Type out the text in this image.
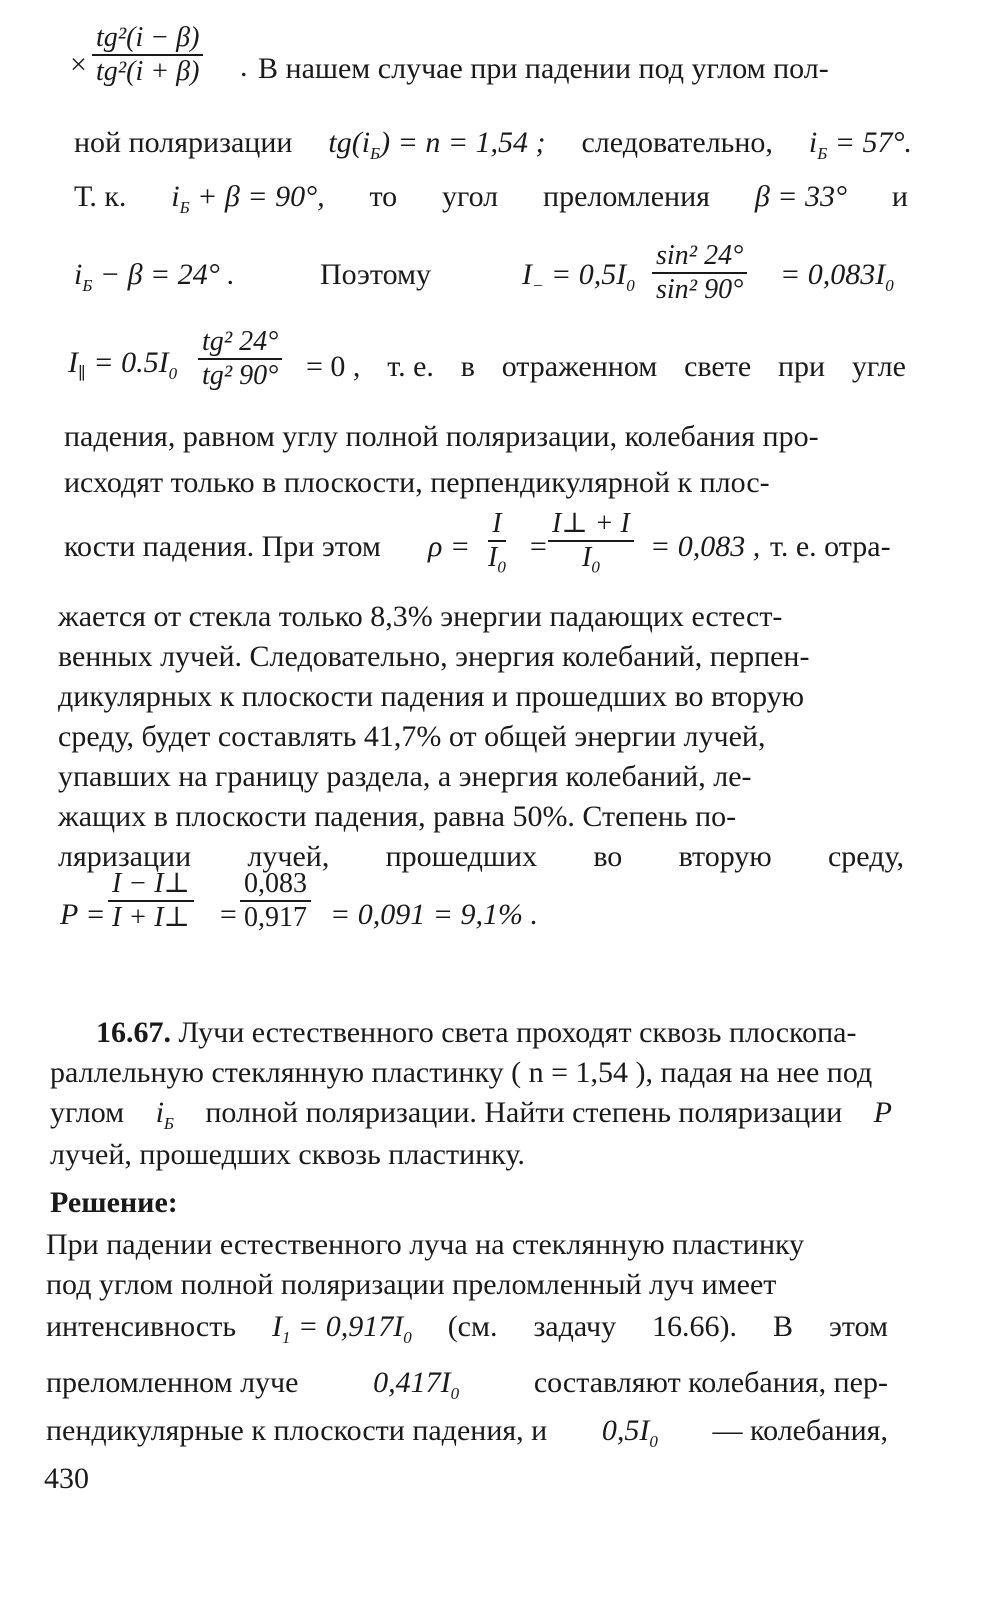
× $\frac{\text{tg²(i − β)}}{\text{tg²(i + β)}}$ . В нашем случае при падении под углом пол-
ной поляризации $tg(i_Б) = n = 1,54$ ; следовательно, $i_Б = 57^\circ$.
Т. к. $i_Б + \beta = 90^\circ$, то угол преломления β = 33° и
$i_Б - \beta = 24^\circ$ .	Поэтому	$I_- = 0,5I_0 \frac{\text{sin² 24°}}{\text{sin² 90°}} = 0,083I_0$
$I_\parallel = 0.5I_0 \frac{\text{tg² 24°}}{\text{tg² 90°}} = 0$ , т. е. в отраженном свете при угле
падения, равном углу полной поляризации, колебания про-
исходят только в плоскости, перпендикулярной к плос-
кости падения. При этом $\rho = \frac{I}{I_0} = \frac{I\perp + I}{I_0} = 0,083$ , т. е. отра-
жается от стекла только 8,3% энергии падающих естест-
венных лучей. Следовательно, энергия колебаний, перпен-
дикулярных к плоскости падения и прошедших во вторую
среду, будет составлять 41,7% от общей энергии лучей,
упавших на границу раздела, а энергия колебаний, ле-
жащих в плоскости падения, равна 50%. Степень по-
ляризации лучей, прошедших во вторую среду,
$P = \frac{I - I\perp}{I + I\perp} = \frac{0,083}{0,917} = 0,091 = 9,1\%$ .
16.67. Лучи естественного света проходят сквозь плоскопа-
раллельную стеклянную пластинку ( n = 1,54 ), падая на нее под
углом $i_Б$ полной поляризации. Найти степень поляризации P
лучей, прошедших сквозь пластинку.
Решение:
При падении естественного луча на стеклянную пластинку
под углом полной поляризации преломленный луч имеет
интенсивность $I_1 = 0,917I_0$ (см. задачу 16.66). В этом
преломленном луче $0,417I_0$ составляют колебания, пер-
пендикулярные к плоскости падения, и $0,5I_0$ — колебания,
430
